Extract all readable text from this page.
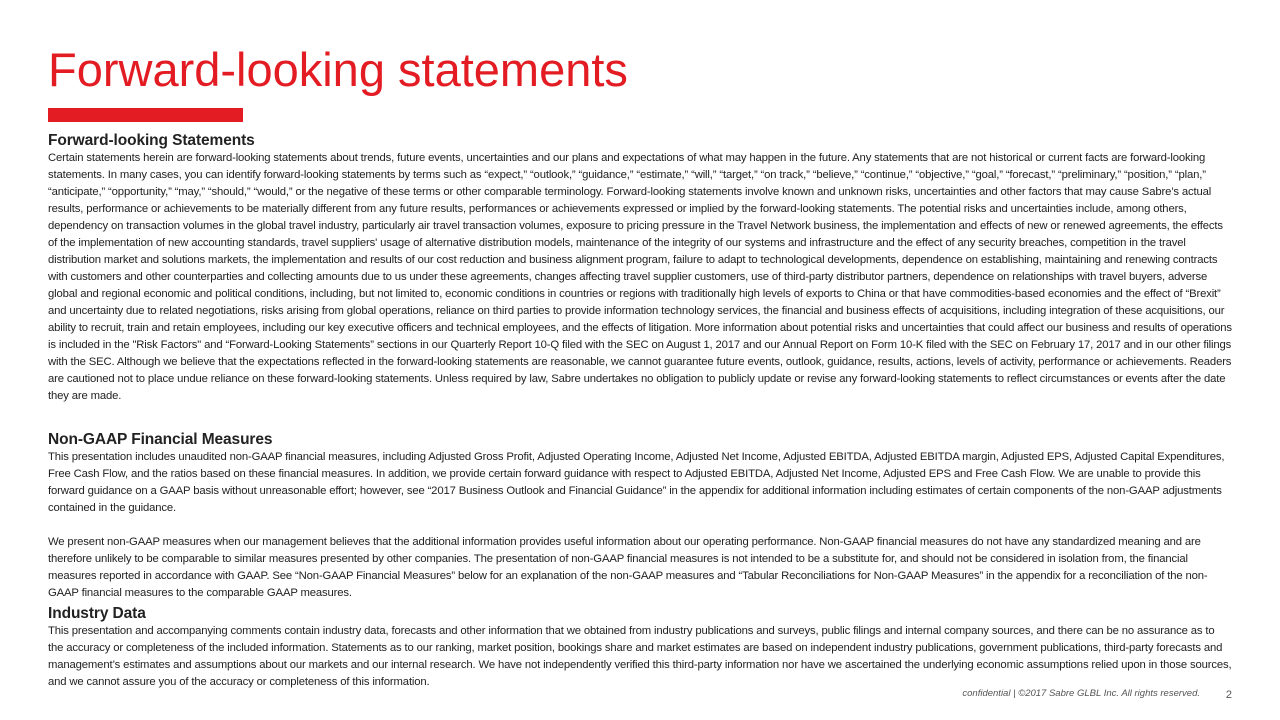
Forward-looking statements
Forward-looking Statements

Certain statements herein are forward-looking statements about trends, future events, uncertainties and our plans and expectations of what may happen in the future. Any statements that are not historical or current facts are forward-looking statements. In many cases, you can identify forward-looking statements by terms such as “expect,” “outlook,” “guidance,” “estimate,” “will,” “target,” “on track,” “believe,” “continue,” “objective,” “goal,” “forecast,” “preliminary,” “position,” “plan,” “anticipate,” “opportunity,” “may,” “should,” “would,” or the negative of these terms or other comparable terminology. Forward-looking statements involve known and unknown risks, uncertainties and other factors that may cause Sabre’s actual results, performance or achievements to be materially different from any future results, performances or achievements expressed or implied by the forward-looking statements. The potential risks and uncertainties include, among others, dependency on transaction volumes in the global travel industry, particularly air travel transaction volumes, exposure to pricing pressure in the Travel Network business, the implementation and effects of new or renewed agreements, the effects of the implementation of new accounting standards, travel suppliers' usage of alternative distribution models, maintenance of the integrity of our systems and infrastructure and the effect of any security breaches, competition in the travel distribution market and solutions markets, the implementation and results of our cost reduction and business alignment program, failure to adapt to technological developments, dependence on establishing, maintaining and renewing contracts with customers and other counterparties and collecting amounts due to us under these agreements, changes affecting travel supplier customers, use of third-party distributor partners, dependence on relationships with travel buyers, adverse global and regional economic and political conditions, including, but not limited to, economic conditions in countries or regions with traditionally high levels of exports to China or that have commodities-based economies and the effect of “Brexit” and uncertainty due to related negotiations, risks arising from global operations, reliance on third parties to provide information technology services, the financial and business effects of acquisitions, including integration of these acquisitions, our ability to recruit, train and retain employees, including our key executive officers and technical employees, and the effects of litigation. More information about potential risks and uncertainties that could affect our business and results of operations is included in the "Risk Factors" and “Forward-Looking Statements” sections in our Quarterly Report 10-Q filed with the SEC on August 1, 2017 and our Annual Report on Form 10-K filed with the SEC on February 17, 2017 and in our other filings with the SEC. Although we believe that the expectations reflected in the forward-looking statements are reasonable, we cannot guarantee future events, outlook, guidance, results, actions, levels of activity, performance or achievements. Readers are cautioned not to place undue reliance on these forward-looking statements. Unless required by law, Sabre undertakes no obligation to publicly update or revise any forward-looking statements to reflect circumstances or events after the date they are made.

Non-GAAP Financial Measures

This presentation includes unaudited non-GAAP financial measures, including Adjusted Gross Profit, Adjusted Operating Income, Adjusted Net Income, Adjusted EBITDA, Adjusted EBITDA margin, Adjusted EPS, Adjusted Capital Expenditures, Free Cash Flow, and the ratios based on these financial measures. In addition, we provide certain forward guidance with respect to Adjusted EBITDA, Adjusted Net Income, Adjusted EPS and Free Cash Flow. We are unable to provide this forward guidance on a GAAP basis without unreasonable effort; however, see “2017 Business Outlook and Financial Guidance” in the appendix for additional information including estimates of certain components of the non-GAAP adjustments contained in the guidance.

We present non-GAAP measures when our management believes that the additional information provides useful information about our operating performance. Non-GAAP financial measures do not have any standardized meaning and are therefore unlikely to be comparable to similar measures presented by other companies. The presentation of non-GAAP financial measures is not intended to be a substitute for, and should not be considered in isolation from, the financial measures reported in accordance with GAAP. See “Non-GAAP Financial Measures” below for an explanation of the non-GAAP measures and “Tabular Reconciliations for Non-GAAP Measures” in the appendix for a reconciliation of the non-GAAP financial measures to the comparable GAAP measures.

Industry Data

This presentation and accompanying comments contain industry data, forecasts and other information that we obtained from industry publications and surveys, public filings and internal company sources, and there can be no assurance as to the accuracy or completeness of the included information. Statements as to our ranking, market position, bookings share and market estimates are based on independent industry publications, government publications, third-party forecasts and management’s estimates and assumptions about our markets and our internal research. We have not independently verified this third-party information nor have we ascertained the underlying economic assumptions relied upon in those sources, and we cannot assure you of the accuracy or completeness of this information.

confidential | ©2017 Sabre GLBL Inc. All rights reserved.	2
